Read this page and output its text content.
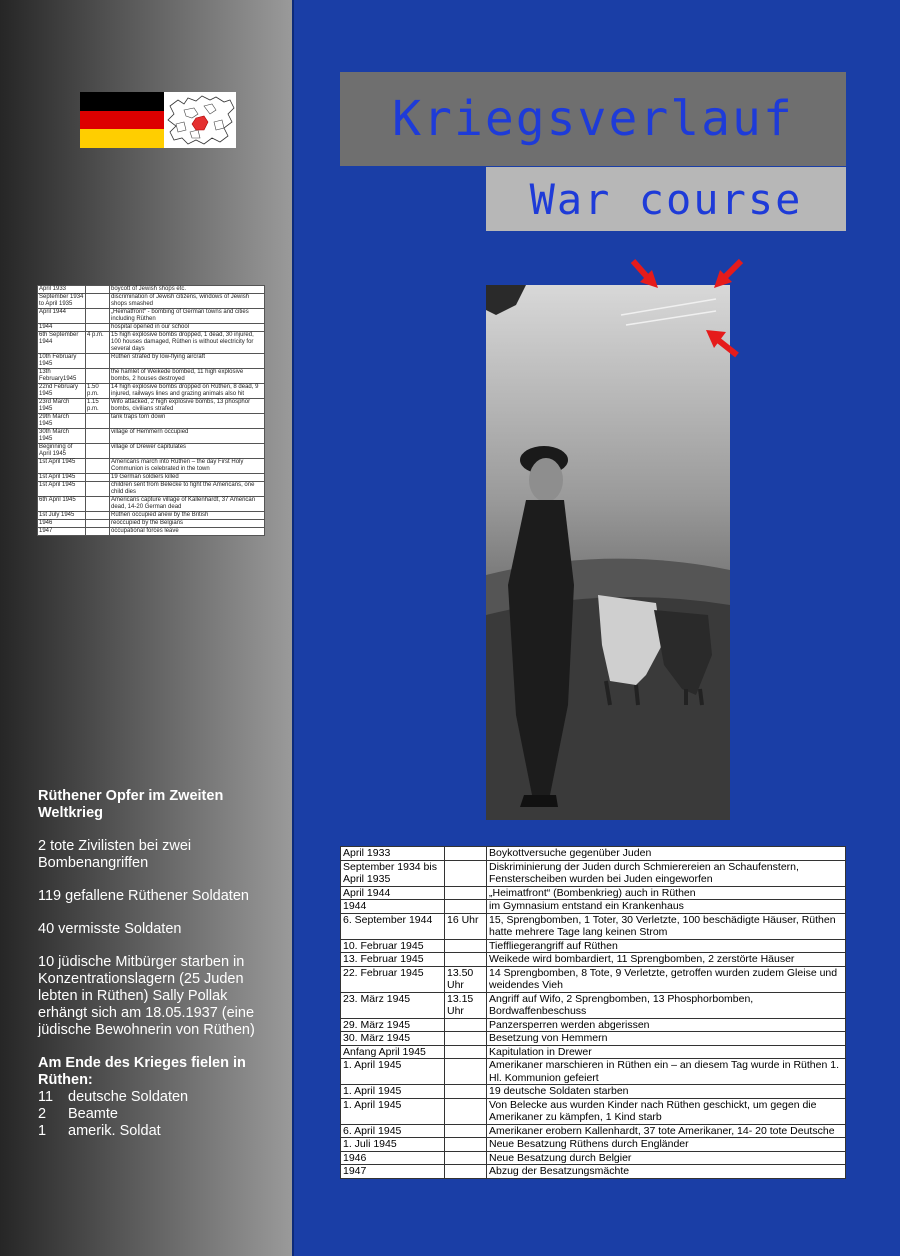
Kriegsverlauf
War course
April 1933		boycott of Jewish shops etc.
September 1934 to April 1935		discrimination of Jewish citizens, windows of Jewish shops smashed
April 1944		„Heimatfront“ - bombing of German towns and cities including Rüthen
1944		hospital opened in our school
6th September 1944	4 p.m.	15 high explosive bombs dropped, 1 dead, 30 injured, 100 houses damaged, Rüthen is without electricity for several days
10th February 1945		Rüthen strafed by low-flying aircraft
13th February1945		the hamlet of Weikede bombed, 11 high explosive bombs, 2 houses destroyed
22nd February 1945	1.50 p.m.	14 high explosive bombs dropped on Rüthen, 8 dead, 9 injured, railways lines and grazing animals also hit
23rd March 1945	1.15 p.m.	Wifo attacked, 2 high explosive bombs, 13 phosphor bombs, civilians strafed
29th March 1945		tank traps torn down
30th March 1945		village of Hemmern occupied
Beginning of April 1945		village of Drewer capitulates
1st April 1945		Americans march into Rüthen – the day First Holy Communion is celebrated in the town
1st April 1945		19 German soldiers killed
1st April 1945		children sent from Belecke to fight the Americans, one child dies
6th April 1945		Americans capture village of Kallenhardt, 37 American dead, 14-20 German dead
1st July 1945		Rüthen occupied anew by the British
1946		reoccupied by the Belgians
1947		occupational forces leave
April 1933		Boykottversuche gegenüber Juden
September 1934 bis April 1935		Diskriminierung der Juden durch Schmierereien an Schaufenstern, Fensterscheiben wurden bei Juden eingeworfen
April 1944		„Heimatfront“ (Bombenkrieg) auch in Rüthen
1944		im Gymnasium entstand ein Krankenhaus
6. September 1944	16 Uhr	15, Sprengbomben, 1 Toter, 30 Verletzte, 100 beschädigte Häuser, Rüthen hatte mehrere Tage lang keinen Strom
10. Februar 1945		Tieffliegerangriff auf Rüthen
13. Februar 1945		Weikede wird bombardiert, 11 Sprengbomben, 2 zerstörte Häuser
22. Februar 1945	13.50 Uhr	14 Sprengbomben, 8 Tote, 9 Verletzte, getroffen wurden zudem Gleise und weidendes Vieh
23. März 1945	13.15 Uhr	Angriff auf Wifo, 2 Sprengbomben, 13 Phosphorbomben, Bordwaffenbeschuss
29. März 1945		Panzersperren werden abgerissen
30. März 1945		Besetzung von Hemmern
Anfang April 1945		Kapitulation in Drewer
1. April 1945		Amerikaner marschieren in Rüthen ein – an diesem Tag wurde in Rüthen 1. Hl. Kommunion gefeiert
1. April 1945		19 deutsche Soldaten starben
1. April 1945		Von Belecke aus wurden Kinder nach Rüthen geschickt, um gegen die Amerikaner zu kämpfen, 1 Kind starb
6. April 1945		Amerikaner erobern Kallenhardt, 37 tote Amerikaner, 14- 20 tote Deutsche
1. Juli 1945		Neue Besatzung Rüthens durch Engländer
1946		Neue Besatzung durch Belgier
1947		Abzug der Besatzungsmächte

Rüthener Opfer im Zweiten Weltkrieg

2 tote Zivilisten bei zwei Bombenangriffen

119 gefallene Rüthener Soldaten

40 vermisste Soldaten

10 jüdische Mitbürger starben in Konzentrationslagern (25 Juden lebten in Rüthen) Sally Pollak erhängt sich am 18.05.1937 (eine jüdische Bewohnerin von Rüthen)

Am Ende des Krieges fielen in Rüthen:
11	deutsche Soldaten
2	Beamte
1	amerik. Soldat
